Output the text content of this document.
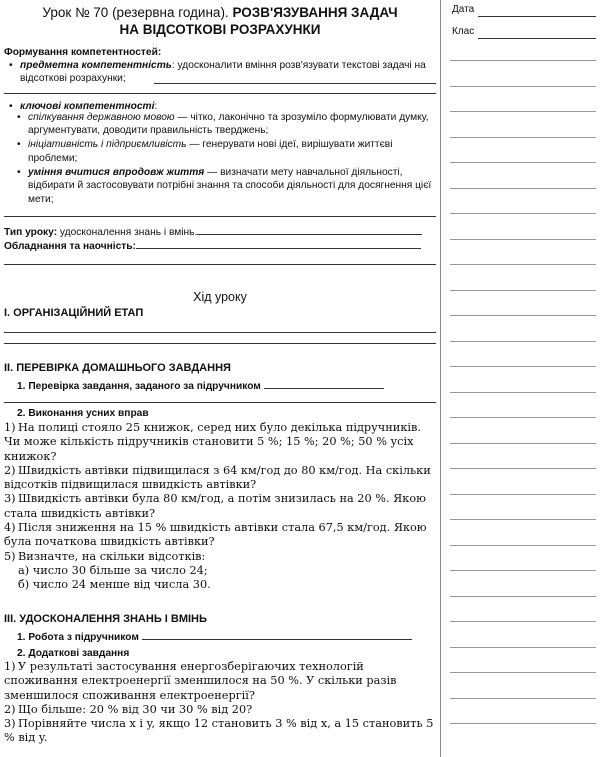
Дата
Клас
Урок № 70 (резервна година). РОЗВ'ЯЗУВАННЯ ЗАДАЧ
НА ВІДСОТКОВІ РОЗРАХУНКИ
Формування компетентностей:
• предметна компетентність: удосконалити вміння розв'язувати текстові задачі на відсоткові розрахунки;
• ключові компетентності:
• спілкування державною мовою — чітко, лаконічно та зрозуміло формулювати думку, аргументувати, доводити правильність тверджень;
• ініціативність і підприємливість — генерувати нові ідеї, вирішувати життєві проблеми;
• уміння вчитися впродовж життя — визначати мету навчальної діяльності, відбирати й застосовувати потрібні знання та способи діяльності для досягнення цієї мети;
Тип уроку: удосконалення знань і вмінь.
Обладнання та наочність:
Хід уроку
І. ОРГАНІЗАЦІЙНИЙ ЕТАП
ІІ. ПЕРЕВІРКА ДОМАШНЬОГО ЗАВДАННЯ
1. Перевірка завдання, заданого за підручником
2. Виконання усних вправ
1) На полиці стояло 25 книжок, серед них було декілька підручників. Чи може кількість підручників становити 5 %; 15 %; 20 %; 50 % усіх книжок?
2) Швидкість автівки підвищилася з 64 км/год до 80 км/год. На скільки відсотків підвищилася швидкість автівки?
3) Швидкість автівки була 80 км/год, а потім знизилась на 20 %. Якою стала швидкість автівки?
4) Після зниження на 15 % швидкість автівки стала 67,5 км/год. Якою була початкова швидкість автівки?
5) Визначте, на скільки відсотків:
а) число 30 більше за число 24;
б) число 24 менше від числа 30.
ІІІ. УДОСКОНАЛЕННЯ ЗНАНЬ І ВМІНЬ
1. Робота з підручником
2. Додаткові завдання
1) У результаті застосування енергозберігаючих технологій споживання електроенергії зменшилося на 50 %. У скільки разів зменшилося споживання електроенергії?
2) Що більше: 20 % від 30 чи 30 % від 20?
3) Порівняйте числа x і y, якщо 12 становить 3 % від x, а 15 становить 5 % від y.
